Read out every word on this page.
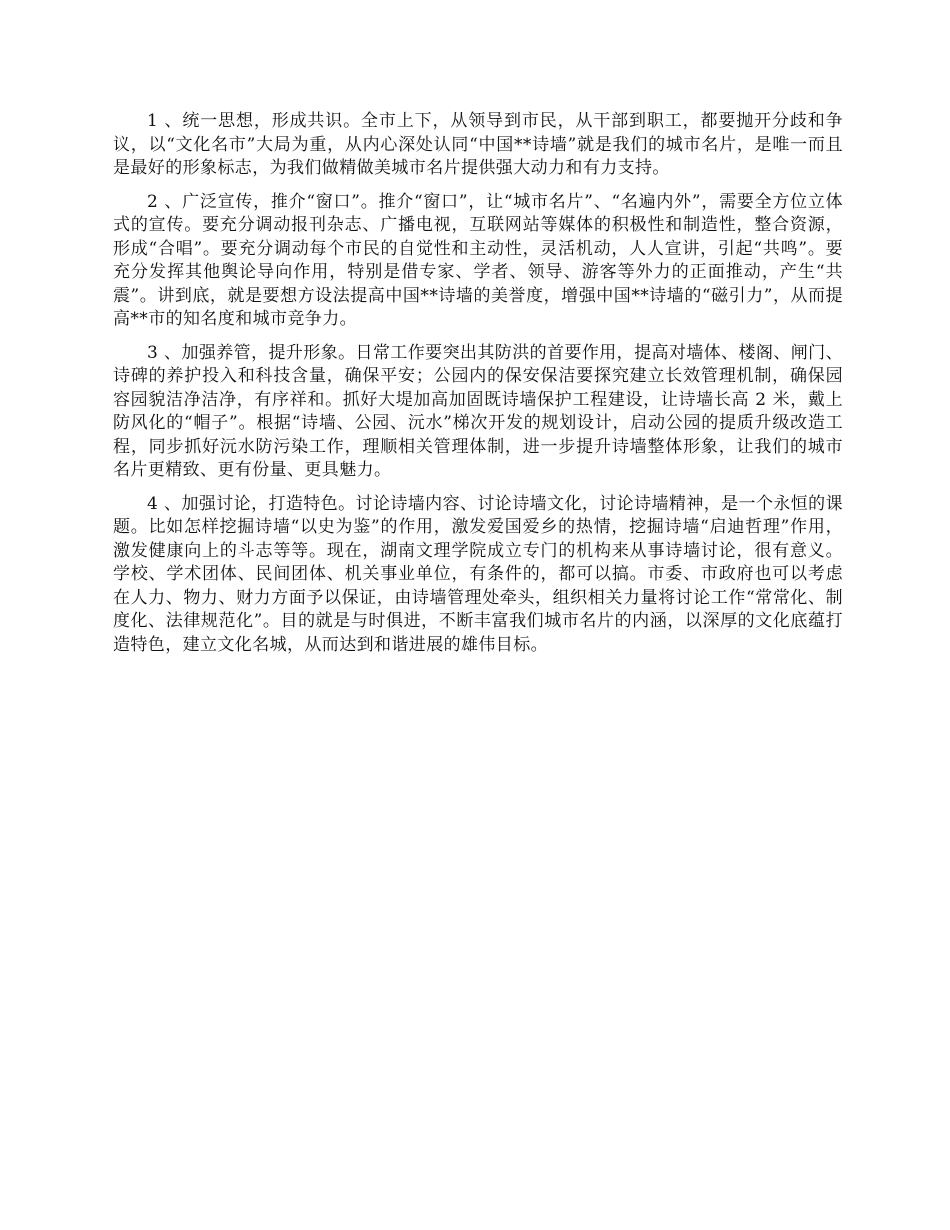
1 、统一思想，形成共识。全市上下，从领导到市民，从干部到职工，都要抛开分歧和争议，以“文化名市”大局为重，从内心深处认同“中国**诗墙”就是我们的城市名片，是唯一而且是最好的形象标志，为我们做精做美城市名片提供强大动力和有力支持。

2 、广泛宣传，推介“窗口”。推介“窗口”，让“城市名片”、“名遍内外”，需要全方位立体式的宣传。要充分调动报刊杂志、广播电视，互联网站等媒体的积极性和制造性，整合资源，形成“合唱”。要充分调动每个市民的自觉性和主动性，灵活机动，人人宣讲，引起“共鸣”。要充分发挥其他舆论导向作用，特别是借专家、学者、领导、游客等外力的正面推动，产生“共震”。讲到底，就是要想方设法提高中国**诗墙的美誉度，增强中国**诗墙的“磁引力”，从而提高**市的知名度和城市竞争力。

3 、加强养管，提升形象。日常工作要突出其防洪的首要作用，提高对墙体、楼阁、闸门、诗碑的养护投入和科技含量，确保平安；公园内的保安保洁要探究建立长效管理机制，确保园容园貌洁净洁净，有序祥和。抓好大堤加高加固既诗墙保护工程建设，让诗墙长高 2 米，戴上防风化的“帽子”。根据“诗墙、公园、沅水”梯次开发的规划设计，启动公园的提质升级改造工程，同步抓好沅水防污染工作，理顺相关管理体制，进一步提升诗墙整体形象，让我们的城市名片更精致、更有份量、更具魅力。

4 、加强讨论，打造特色。讨论诗墙内容、讨论诗墙文化，讨论诗墙精神，是一个永恒的课题。比如怎样挖掘诗墙“以史为鉴”的作用，激发爱国爱乡的热情，挖掘诗墙“启迪哲理”作用，激发健康向上的斗志等等。现在，湖南文理学院成立专门的机构来从事诗墙讨论，很有意义。学校、学术团体、民间团体、机关事业单位，有条件的，都可以搞。市委、市政府也可以考虑在人力、物力、财力方面予以保证，由诗墙管理处牵头，组织相关力量将讨论工作“常常化、制度化、法律规范化”。目的就是与时俱进，不断丰富我们城市名片的内涵，以深厚的文化底蕴打造特色，建立文化名城，从而达到和谐进展的雄伟目标。
